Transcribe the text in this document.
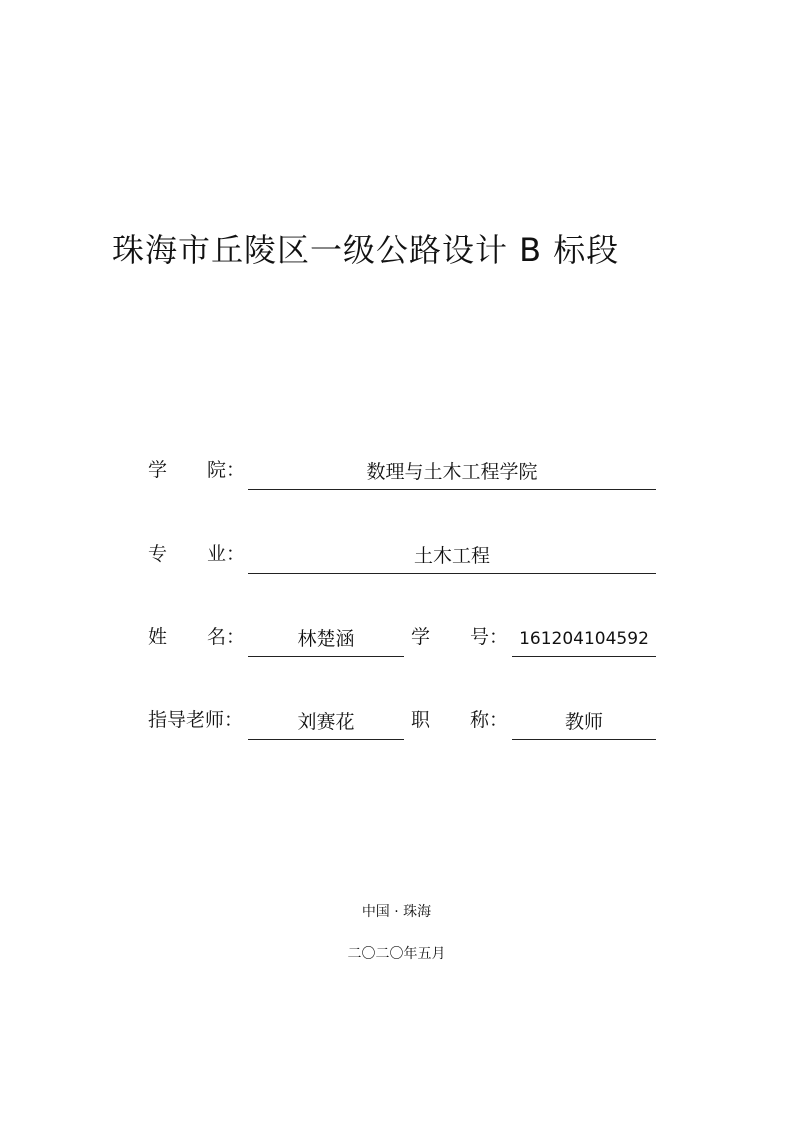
珠海市丘陵区一级公路设计 B 标段
学 院：	数理与土木工程学院
专 业：	土木工程
姓 名：	林楚涵	学 号： 161204104592
指导老师：	刘赛花	职 称：	教师
中国 · 珠海
二〇二〇年五月
